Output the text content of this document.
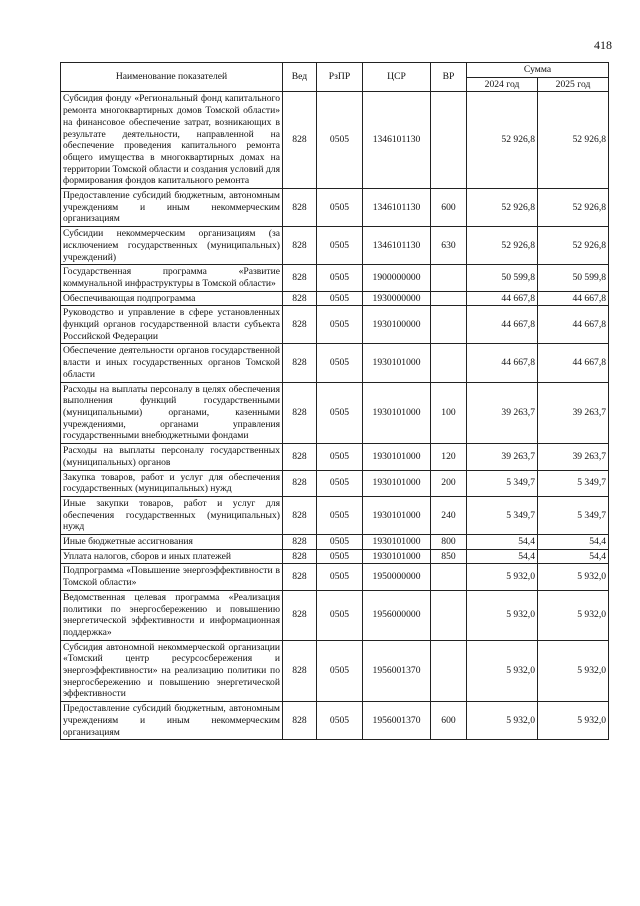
418
Наименование показателей	Вед	РзПР	ЦСР	ВР	Сумма	
					2024 год	2025 год
Субсидия фонду «Региональный фонд капитального ремонта многоквартирных домов Томской области» на финансовое обеспечение затрат, возникающих в результате деятельности, направленной на обеспечение проведения капитального ремонта общего имущества в многоквартирных домах на территории Томской области и создания условий для формирования фондов капитального ремонта	828	0505	1346101130		52 926,8	52 926,8
Предоставление субсидий бюджетным, автономным учреждениям и иным некоммерческим организациям	828	0505	1346101130	600	52 926,8	52 926,8
Субсидии некоммерческим организациям (за исключением государственных (муниципальных) учреждений)	828	0505	1346101130	630	52 926,8	52 926,8
Государственная программа «Развитие коммунальной инфраструктуры в Томской области»	828	0505	1900000000		50 599,8	50 599,8
Обеспечивающая подпрограмма	828	0505	1930000000		44 667,8	44 667,8
Руководство и управление в сфере установленных функций органов государственной власти субъекта Российской Федерации	828	0505	1930100000		44 667,8	44 667,8
Обеспечение деятельности органов государственной власти и иных государственных органов Томской области	828	0505	1930101000		44 667,8	44 667,8
Расходы на выплаты персоналу в целях обеспечения выполнения функций государственными (муниципальными) органами, казенными учреждениями, органами управления государственными внебюджетными фондами	828	0505	1930101000	100	39 263,7	39 263,7
Расходы на выплаты персоналу государственных (муниципальных) органов	828	0505	1930101000	120	39 263,7	39 263,7
Закупка товаров, работ и услуг для обеспечения государственных (муниципальных) нужд	828	0505	1930101000	200	5 349,7	5 349,7
Иные закупки товаров, работ и услуг для обеспечения государственных (муниципальных) нужд	828	0505	1930101000	240	5 349,7	5 349,7
Иные бюджетные ассигнования	828	0505	1930101000	800	54,4	54,4
Уплата налогов, сборов и иных платежей	828	0505	1930101000	850	54,4	54,4
Подпрограмма «Повышение энергоэффективности в Томской области»	828	0505	1950000000		5 932,0	5 932,0
Ведомственная целевая программа «Реализация политики по энергосбережению и повышению энергетической эффективности и информационная поддержка»	828	0505	1956000000		5 932,0	5 932,0
Субсидия автономной некоммерческой организации «Томский центр ресурсосбережения и энергоэффективности» на реализацию политики по энергосбережению и повышению энергетической эффективности	828	0505	1956001370		5 932,0	5 932,0
Предоставление субсидий бюджетным, автономным учреждениям и иным некоммерческим организациям	828	0505	1956001370	600	5 932,0	5 932,0
